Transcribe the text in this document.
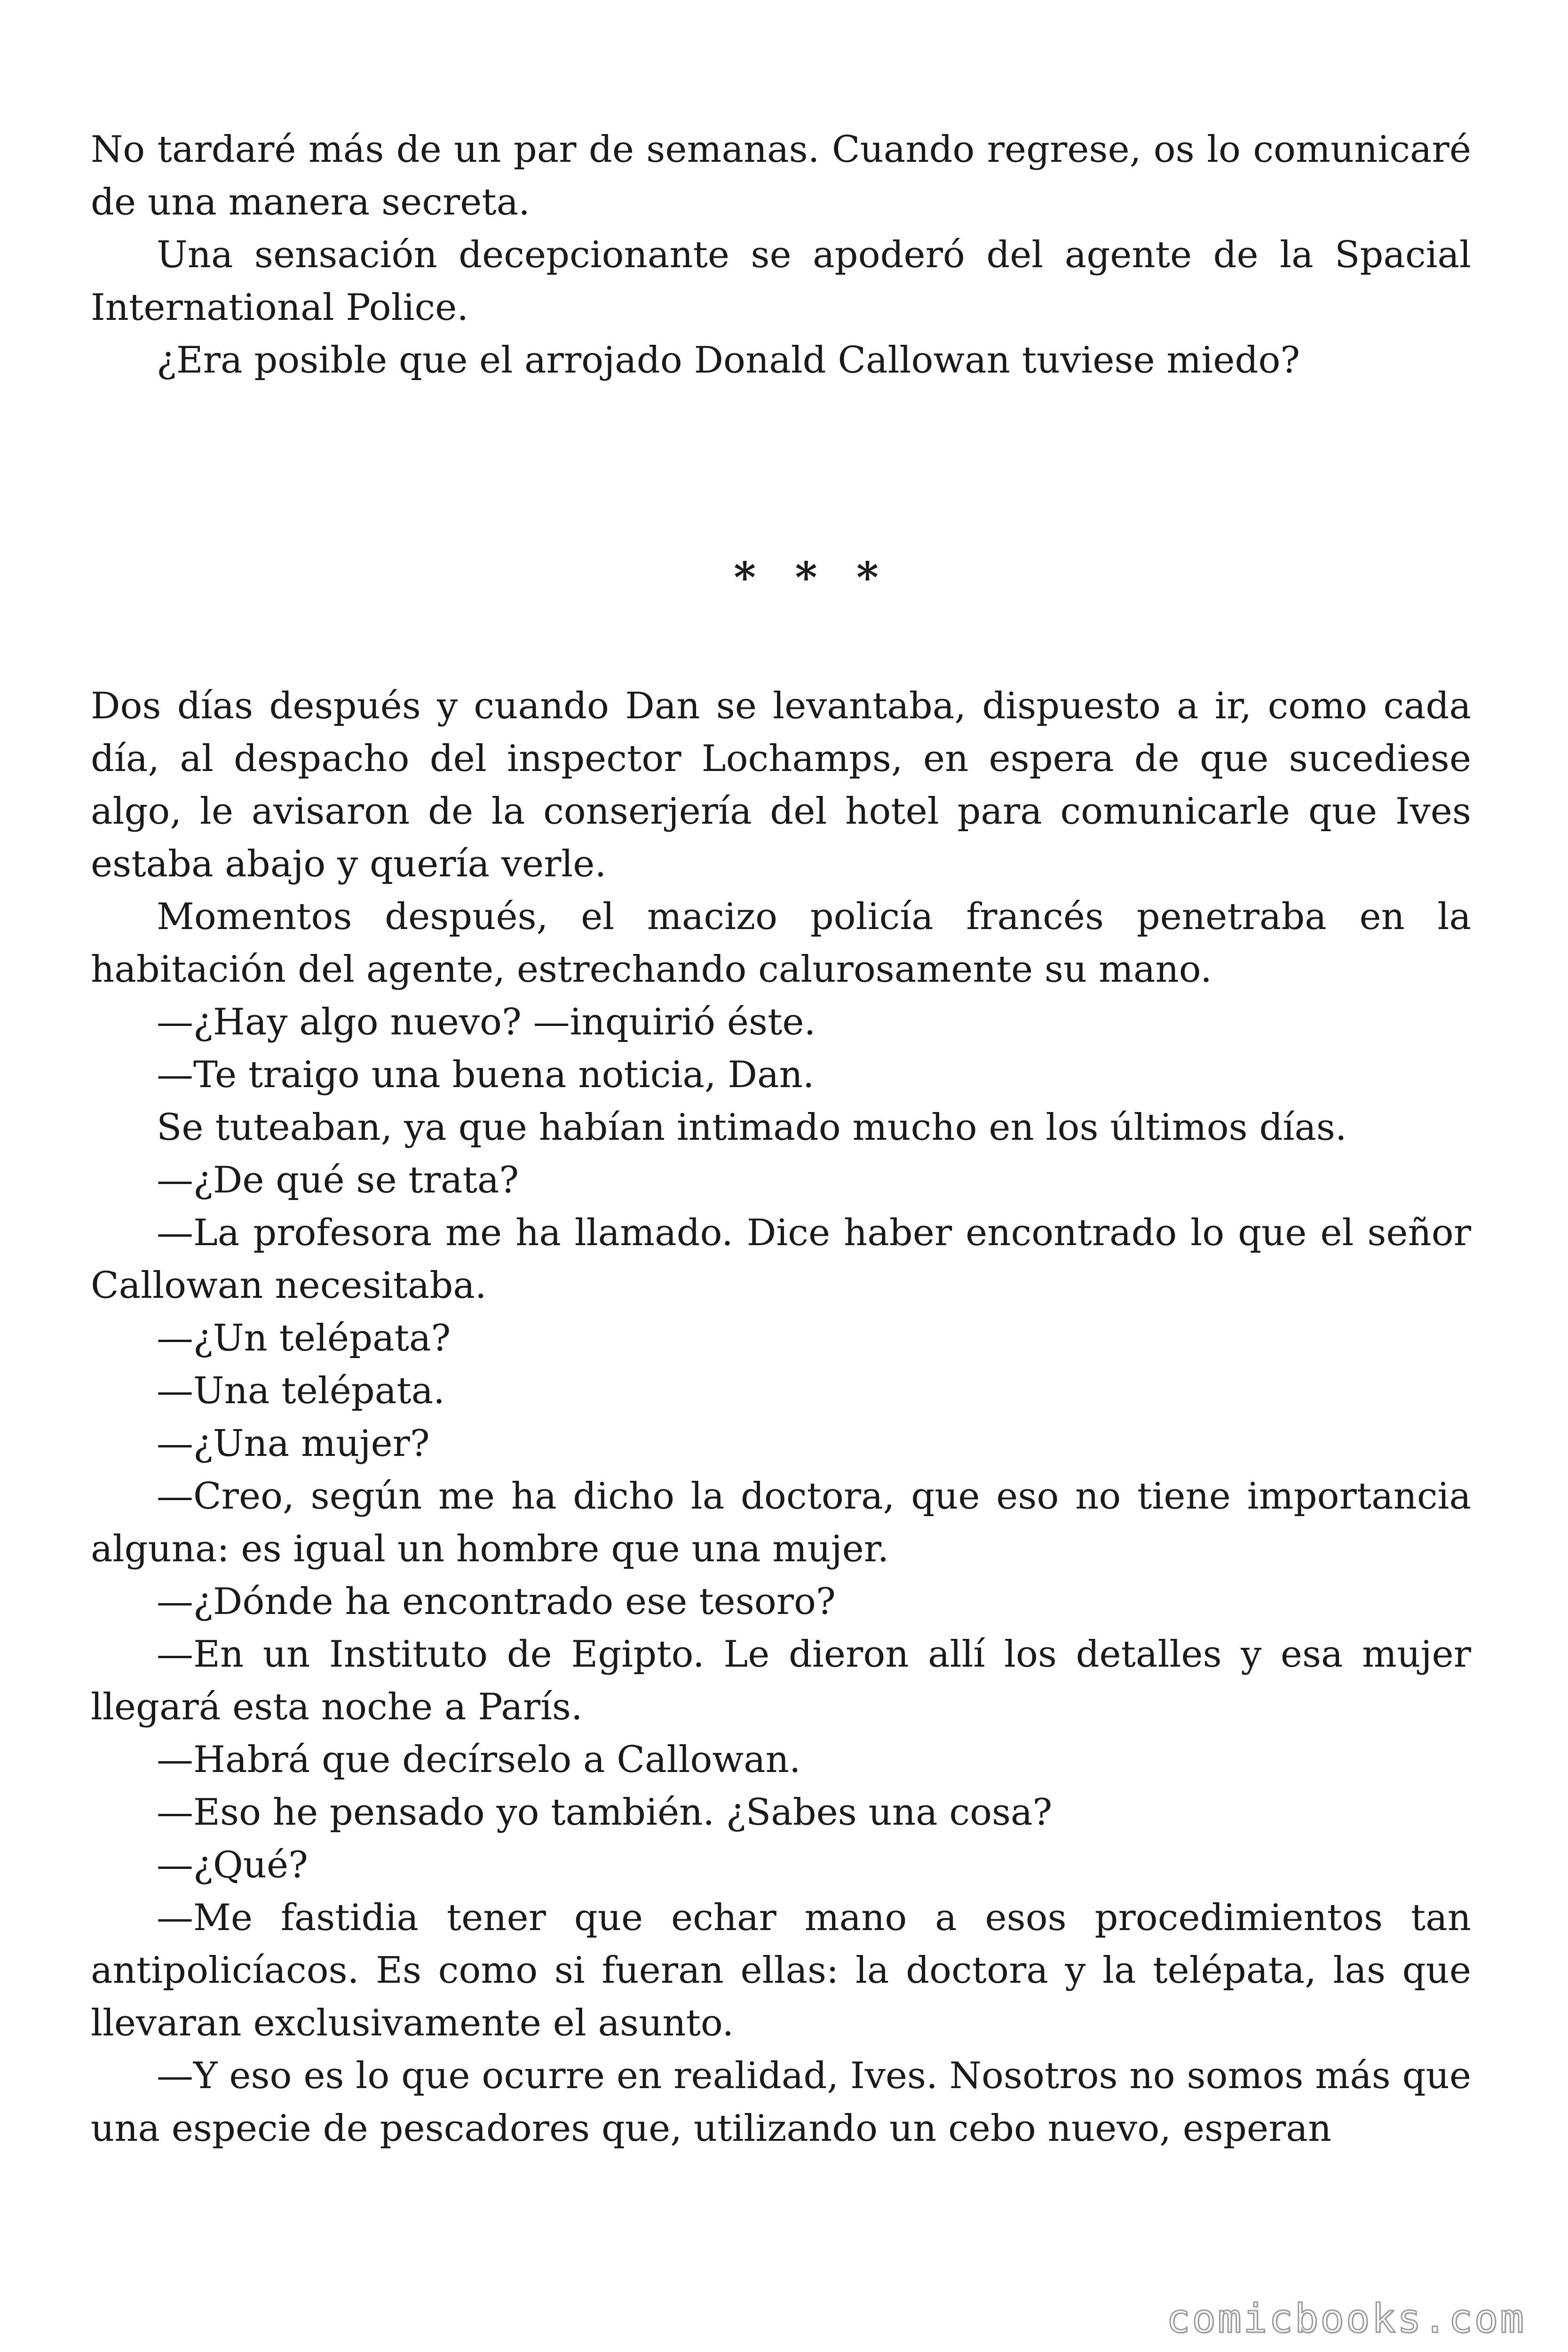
No tardaré más de un par de semanas. Cuando regrese, os lo comunicaré de una manera secreta.

Una sensación decepcionante se apoderó del agente de la Spacial International Police.

¿Era posible que el arrojado Donald Callowan tuviese miedo?

* * *

Dos días después y cuando Dan se levantaba, dispuesto a ir, como cada día, al despacho del inspector Lochamps, en espera de que sucediese algo, le avisaron de la conserjería del hotel para comunicarle que Ives estaba abajo y quería verle.

Momentos después, el macizo policía francés penetraba en la habitación del agente, estrechando calurosamente su mano.

—¿Hay algo nuevo? —inquirió éste.

—Te traigo una buena noticia, Dan.

Se tuteaban, ya que habían intimado mucho en los últimos días.

—¿De qué se trata?

—La profesora me ha llamado. Dice haber encontrado lo que el señor Callowan necesitaba.

—¿Un telépata?

—Una telépata.

—¿Una mujer?

—Creo, según me ha dicho la doctora, que eso no tiene importancia alguna: es igual un hombre que una mujer.

—¿Dónde ha encontrado ese tesoro?

—En un Instituto de Egipto. Le dieron allí los detalles y esa mujer llegará esta noche a París.

—Habrá que decírselo a Callowan.

—Eso he pensado yo también. ¿Sabes una cosa?

—¿Qué?

—Me fastidia tener que echar mano a esos procedimientos tan antipolicíacos. Es como si fueran ellas: la doctora y la telépata, las que llevaran exclusivamente el asunto.

—Y eso es lo que ocurre en realidad, Ives. Nosotros no somos más que una especie de pescadores que, utilizando un cebo nuevo, esperan

comicbooks.com
